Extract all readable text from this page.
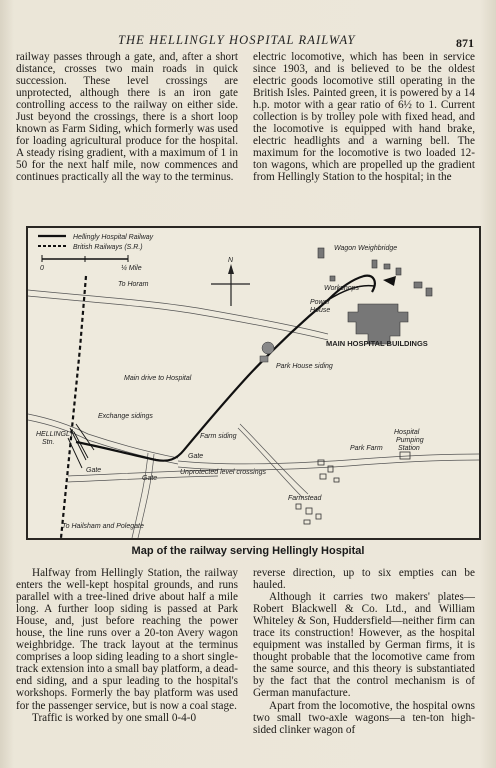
THE HELLINGLY HOSPITAL RAILWAY	871

railway passes through a gate, and, after a short distance, crosses two main roads in quick succession. These level crossings are unprotected, although there is an iron gate controlling access to the railway on either side. Just beyond the crossings, there is a short loop known as Farm Siding, which formerly was used for loading agricultural produce for the hospital. A steady rising gradient, with a maximum of 1 in 50 for the next half mile, now commences and continues practically all the way to the terminus.

electric locomotive, which has been in service since 1903, and is believed to be the oldest electric goods locomotive still operating in the British Isles. Painted green, it is powered by a 14 h.p. motor with a gear ratio of 6½ to 1. Current collection is by trolley pole with fixed head, and the locomotive is equipped with hand brake, electric headlights and a warning bell. The maximum for the locomotive is two loaded 12-ton wagons, which are propelled up the gradient from Hellingly Station to the hospital; in the

Hellingly Hospital Railway
British Railways (S.R.)
0	¼ Mile
N
To Horam
To Hailsham and Polegate
HELLINGLY
Stn.
Exchange sidings
Gate
Gate
Gate
Unprotected level crossings
Farm siding
Main drive to Hospital
Park House siding
MAIN HOSPITAL BUILDINGS
Workshops
Power
House
Wagon Weighbridge
Park Farm
Farmstead
Hospital
Pumping
Station
Map of the railway serving Hellingly Hospital

Halfway from Hellingly Station, the railway enters the well-kept hospital grounds, and runs parallel with a tree-lined drive about half a mile long. A further loop siding is passed at Park House, and, just before reaching the power house, the line runs over a 20-ton Avery wagon weighbridge. The track layout at the terminus comprises a loop siding leading to a short single-track extension into a small bay platform, a dead-end siding, and a spur leading to the hospital's workshops. Formerly the bay platform was used for the passenger service, but is now a coal stage.

Traffic is worked by one small 0-4-0

reverse direction, up to six empties can be hauled.

Although it carries two makers' plates—Robert Blackwell & Co. Ltd., and William Whiteley & Son, Huddersfield—neither firm can trace its construction! However, as the hospital equipment was installed by German firms, it is thought probable that the locomotive came from the same source, and this theory is substantiated by the fact that the control mechanism is of German manufacture.

Apart from the locomotive, the hospital owns two small two-axle wagons—a ten-ton high-sided clinker wagon of
